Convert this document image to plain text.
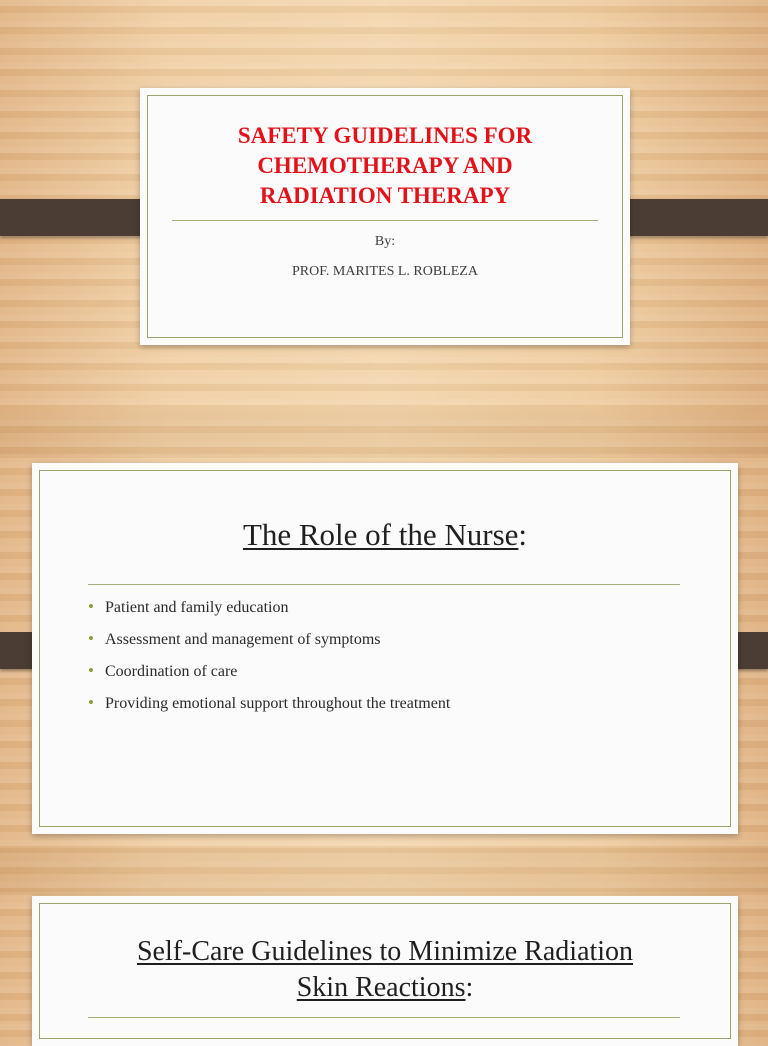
SAFETY GUIDELINES FOR
CHEMOTHERAPY AND
RADIATION THERAPY
By:
PROF. MARITES L. ROBLEZA
The Role of the Nurse:
• Patient and family education
• Assessment and management of symptoms
• Coordination of care
• Providing emotional support throughout the treatment
Self-Care Guidelines to Minimize Radiation
Skin Reactions:
